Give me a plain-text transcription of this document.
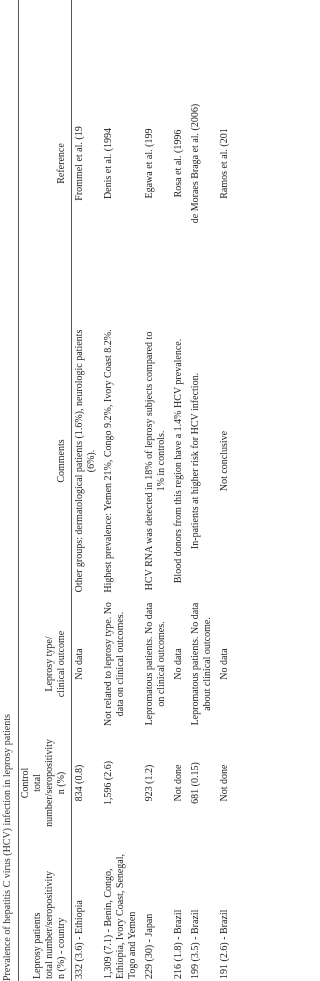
Prevalence of hepatitis C virus (HCV) infection in leprosy patients Leprosy patients total number/seropositivity n (%) - country	Control total number/seropositivity n (%)	Leprosy type/ clinical outcome	Comments	Reference

332 (3.6) - Ethiopia	834 (0.8)	No data	Other groups: dermatological patients (1.6%), neurologic patients (6%).	Frommel et al. (19
1,309 (7.1) - Benin, Congo, Ethiopia, Ivory Coast, Senegal, Togo and Yemen	1,596 (2.6)	Not related to leprosy type. No data on clinical outcomes.	Highest prevalence: Yemen 21%, Congo 9.2%, Ivory Coast 8.2%.	Denis et al. (1994
229 (30) - Japan	923 (1.2)	Lepromatous patients. No data on clinical outcomes.	HCV RNA was detected in 18% of leprosy subjects compared to 1% in controls.	Egawa et al. (199
216 (1.8) - Brazil	Not done	No data	Blood donors from this region have a 1.4% HCV prevalence.	Rosa et al. (1996
199 (3.5) - Brazil	681 (0.15)	Lepromatous patients. No data about clinical outcome.	In-patients at higher risk for HCV infection.	de Moraes Braga et al. (2006)
191 (2.6) - Brazil	Not done	No data	Not conclusive	Ramos et al. (201
